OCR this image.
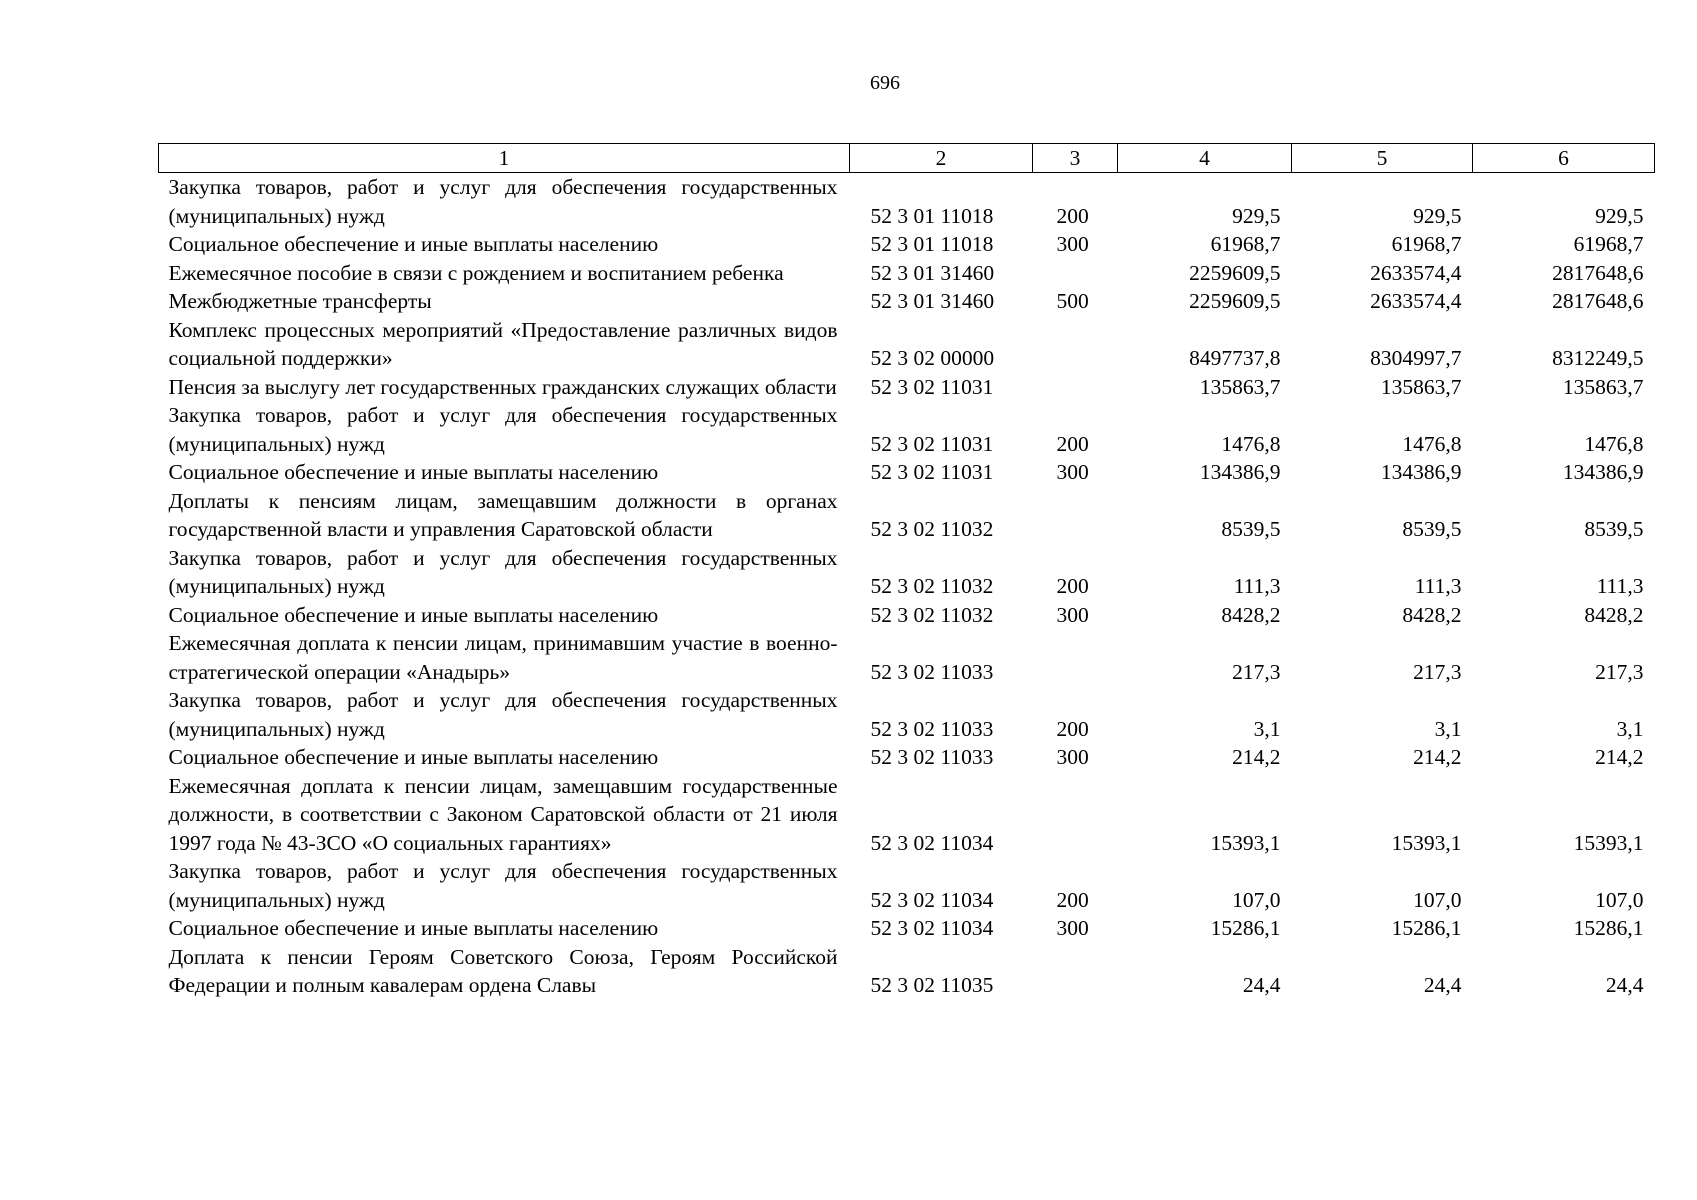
696
1	2	3	4	5	6
Закупка товаров, работ и услуг для обеспечения государственных (муниципальных) нужд	52 3 01 11018	200	929,5	929,5	929,5
Социальное обеспечение и иные выплаты населению	52 3 01 11018	300	61968,7	61968,7	61968,7
Ежемесячное пособие в связи с рождением и воспитанием ребенка	52 3 01 31460		2259609,5	2633574,4	2817648,6
Межбюджетные трансферты	52 3 01 31460	500	2259609,5	2633574,4	2817648,6
Комплекс процессных мероприятий «Предоставление различных видов социальной поддержки»	52 3 02 00000		8497737,8	8304997,7	8312249,5
Пенсия за выслугу лет государственных гражданских служащих области	52 3 02 11031		135863,7	135863,7	135863,7
Закупка товаров, работ и услуг для обеспечения государственных (муниципальных) нужд	52 3 02 11031	200	1476,8	1476,8	1476,8
Социальное обеспечение и иные выплаты населению	52 3 02 11031	300	134386,9	134386,9	134386,9
Доплаты к пенсиям лицам, замещавшим должности в органах государственной власти и управления Саратовской области	52 3 02 11032		8539,5	8539,5	8539,5
Закупка товаров, работ и услуг для обеспечения государственных (муниципальных) нужд	52 3 02 11032	200	111,3	111,3	111,3
Социальное обеспечение и иные выплаты населению	52 3 02 11032	300	8428,2	8428,2	8428,2
Ежемесячная доплата к пенсии лицам, принимавшим участие в военно-стратегической операции «Анадырь»	52 3 02 11033		217,3	217,3	217,3
Закупка товаров, работ и услуг для обеспечения государственных (муниципальных) нужд	52 3 02 11033	200	3,1	3,1	3,1
Социальное обеспечение и иные выплаты населению	52 3 02 11033	300	214,2	214,2	214,2
Ежемесячная доплата к пенсии лицам, замещавшим государственные должности, в соответствии с Законом Саратовской области от 21 июля 1997 года № 43-ЗСО «О социальных гарантиях»	52 3 02 11034		15393,1	15393,1	15393,1
Закупка товаров, работ и услуг для обеспечения государственных (муниципальных) нужд	52 3 02 11034	200	107,0	107,0	107,0
Социальное обеспечение и иные выплаты населению	52 3 02 11034	300	15286,1	15286,1	15286,1
Доплата к пенсии Героям Советского Союза, Героям Российской Федерации и полным кавалерам ордена Славы	52 3 02 11035		24,4	24,4	24,4
